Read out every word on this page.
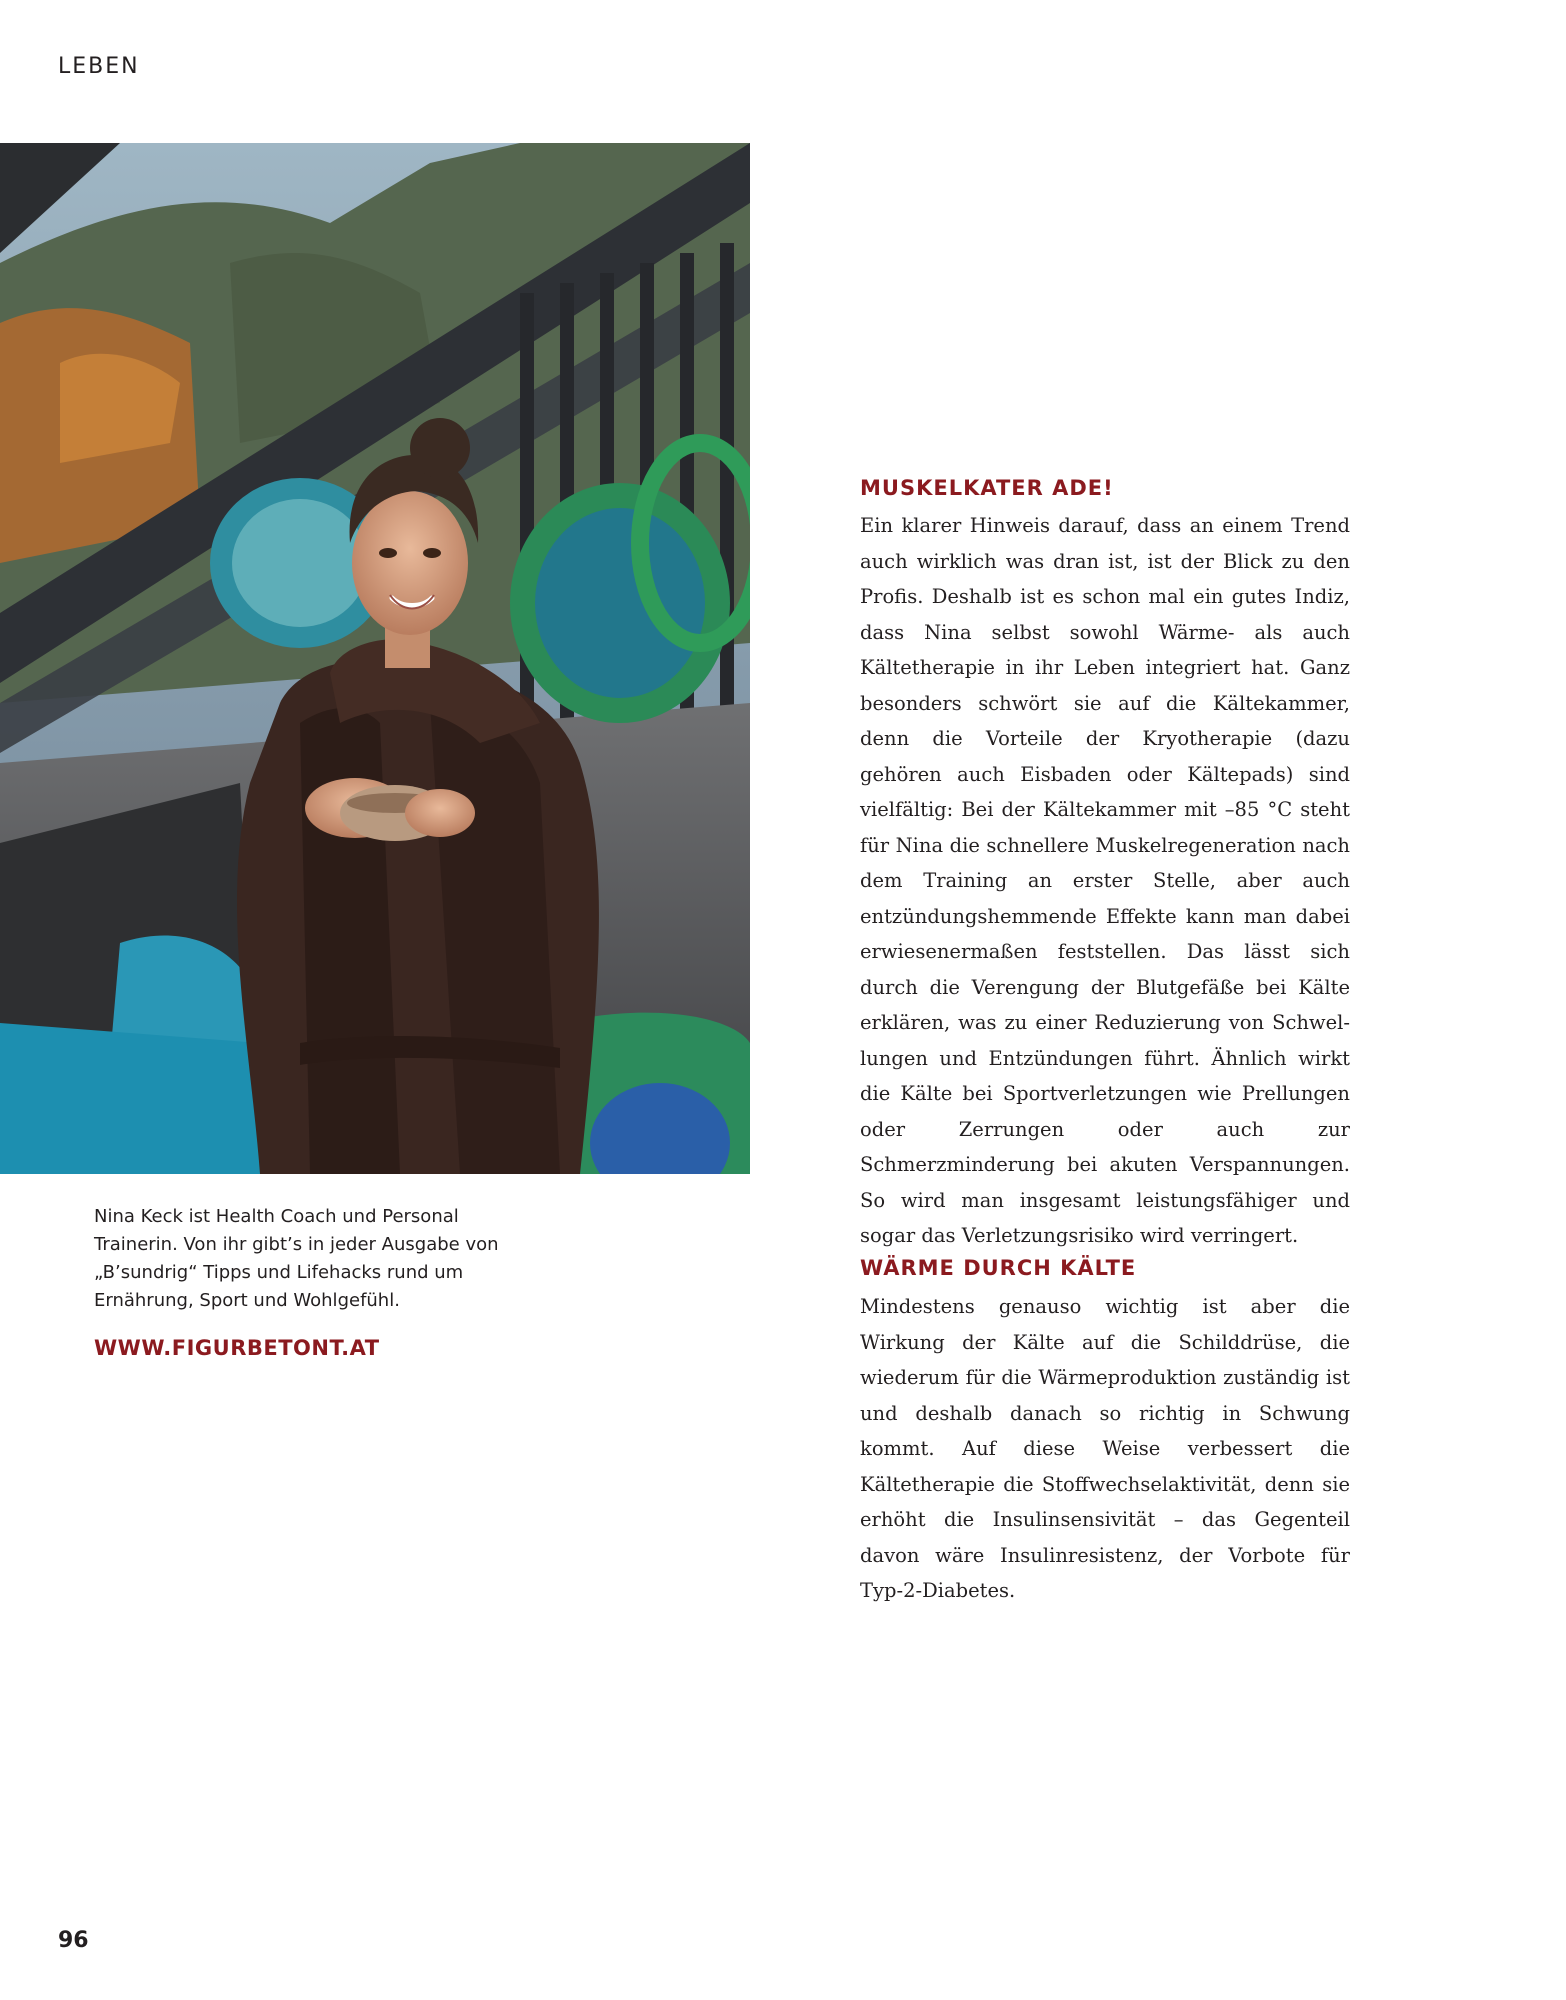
LEBEN

Nina Keck ist Health Coach und Personal Trainerin. Von ihr gibt’s in jeder Ausgabe von „B’sundrig“ Tipps und Lifehacks rund um Ernährung, Sport und Wohlgefühl.

WWW.FIGURBETONT.AT
MUSKELKATER ADE!

Ein klarer Hinweis darauf, dass an einem Trend auch wirklich was dran ist, ist der Blick zu den Profis. Deshalb ist es schon mal ein gutes Indiz, dass Nina selbst sowohl Wärme- als auch Kältetherapie in ihr Leben integriert hat. Ganz besonders schwört sie auf die Kältekammer, denn die Vorteile der Kryotherapie (dazu gehören auch Eisbaden oder Kältepads) sind vielfältig: Bei der Kältekammer mit –85 °C steht für Nina die schnellere Muskelregeneration nach dem Training an erster Stelle, aber auch entzündungshemmende Effekte kann man dabei erwiesenermaßen feststellen. Das lässt sich durch die Verengung der Blutgefäße bei Kälte erklären, was zu einer Reduzierung von Schwellungen und Entzündungen führt. Ähnlich wirkt die Kälte bei Sportverletzungen wie Prellungen oder Zerrungen oder auch zur Schmerzminderung bei akuten Verspannungen. So wird man insgesamt leistungsfähiger und sogar das Verletzungsrisiko wird verringert.

WÄRME DURCH KÄLTE

Mindestens genauso wichtig ist aber die Wirkung der Kälte auf die Schilddrüse, die wiederum für die Wärmeproduktion zuständig ist und deshalb danach so richtig in Schwung kommt. Auf diese Weise verbessert die Kältetherapie die Stoffwechselaktivität, denn sie erhöht die Insulinsensivität – das Gegenteil davon wäre Insulinresistenz, der Vorbote für Typ-2-Diabetes.

96
